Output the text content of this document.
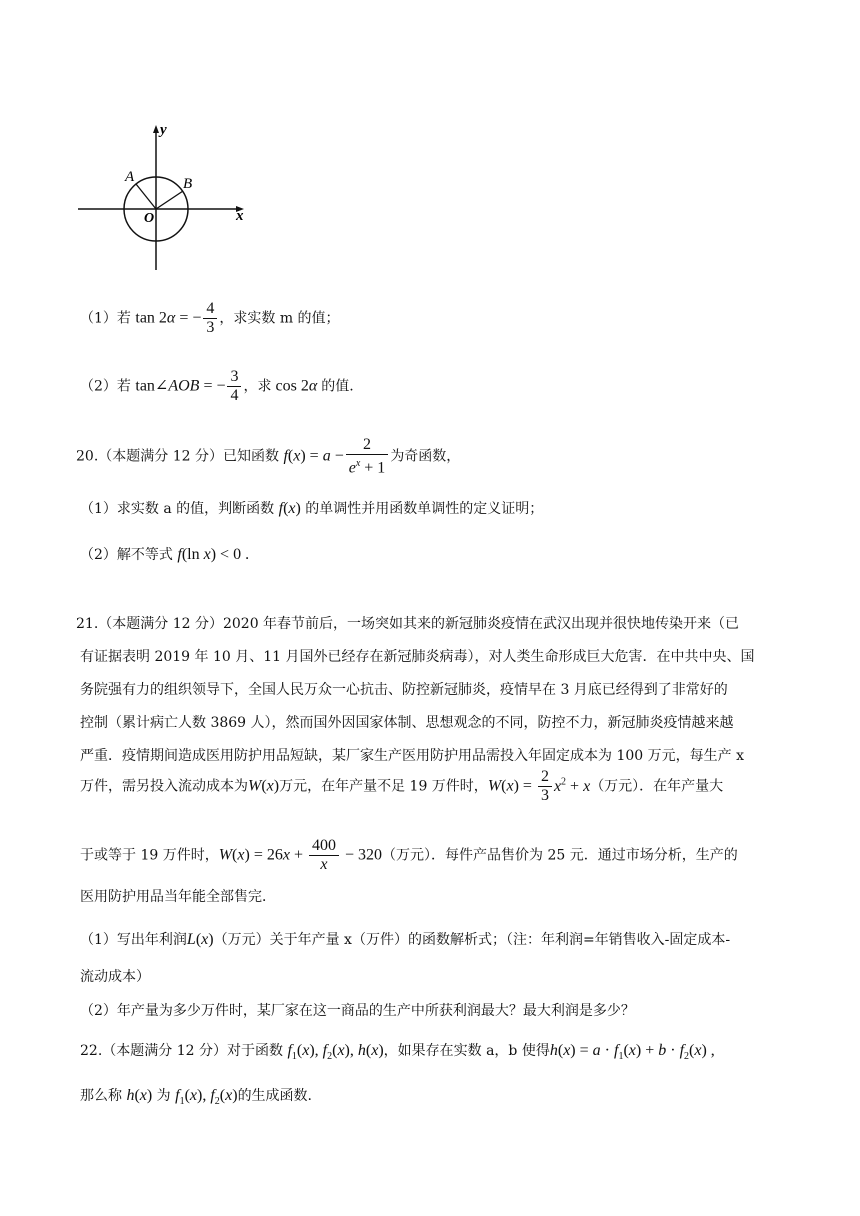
y
x
A	B
O
（1）若 tan 2α = − $\frac{4}{3}$ ，求实数 m 的值；
（2）若 tan∠AOB = − $\frac{3}{4}$ ，求 cos 2α 的值.
20.（本题满分 12 分）已知函数 $f(x) = a - \frac{2}{e^x + 1}$ 为奇函数，
（1）求实数 a 的值，判断函数 f(x) 的单调性并用函数单调性的定义证明；
（2）解不等式 f(ln x) < 0 .
21.（本题满分 12 分）2020 年春节前后，一场突如其来的新冠肺炎疫情在武汉出现并很快地传染开来（已
有证据表明 2019 年 10 月、11 月国外已经存在新冠肺炎病毒），对人类生命形成巨大危害．在中共中央、国
务院强有力的组织领导下，全国人民万众一心抗击、防控新冠肺炎，疫情早在 3 月底已经得到了非常好的
控制（累计病亡人数 3869 人），然而国外因国家体制、思想观念的不同，防控不力，新冠肺炎疫情越来越
严重．疫情期间造成医用防护用品短缺，某厂家生产医用防护用品需投入年固定成本为 100 万元，每生产 x
万件，需另投入流动成本为W(x)万元，在年产量不足 19 万件时，$W(x) = \frac{2}{3} x^2 + x$（万元）．在年产量大
于或等于 19 万件时，$W(x) = 26x + \frac{400}{x} - 320$（万元）．每件产品售价为 25 元．通过市场分析，生产的
医用防护用品当年能全部售完．
（1）写出年利润L(x)（万元）关于年产量 x（万件）的函数解析式；（注：年利润=年销售收入-固定成本-
流动成本）
（2）年产量为多少万件时，某厂家在这一商品的生产中所获利润最大？最大利润是多少？
22.（本题满分 12 分）对于函数 $f_1(x)$, $f_2(x)$, h(x)，如果存在实数 a，b 使得$h(x) = a \cdot f_1(x) + b \cdot f_2(x)$ ,
那么称 h(x) 为 $f_1(x)$, $f_2(x)$的生成函数.
